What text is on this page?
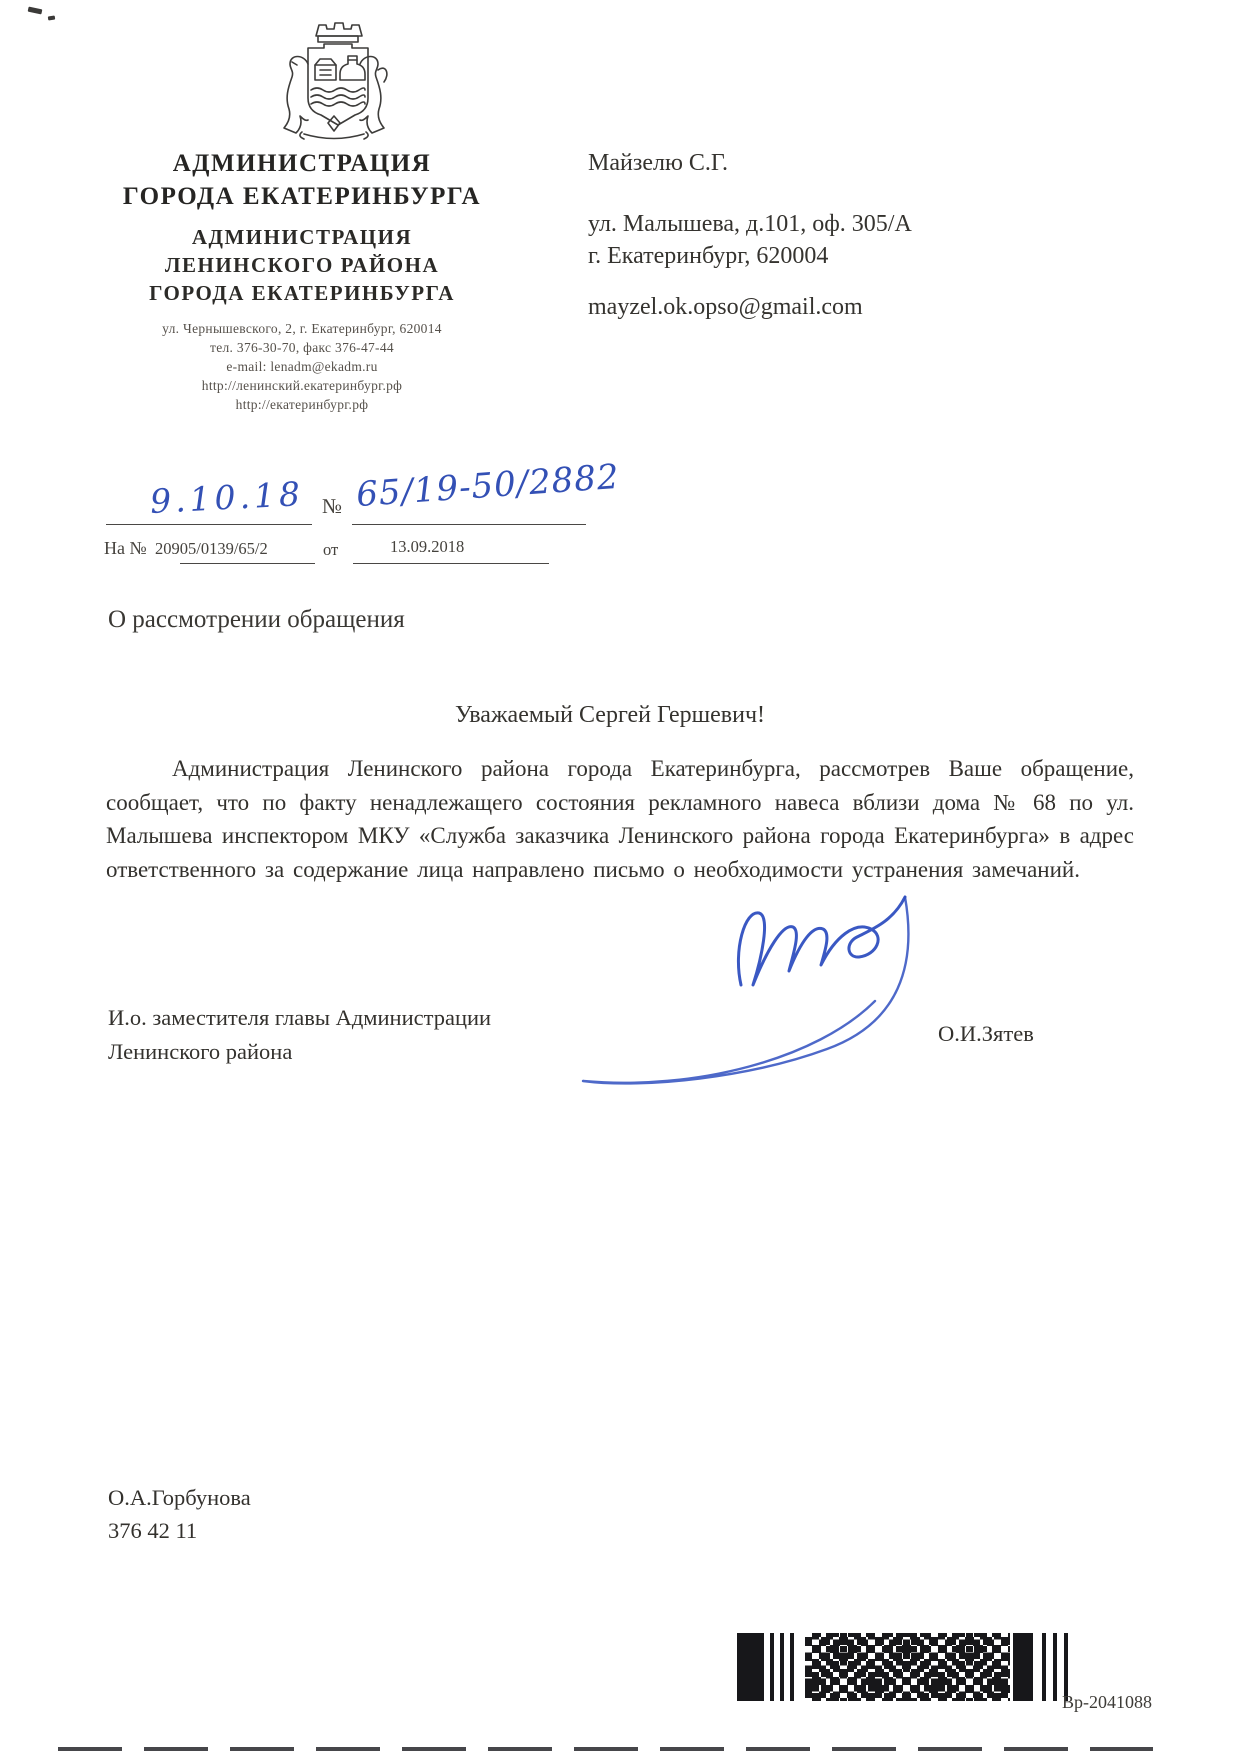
АДМИНИСТРАЦИЯ
ГОРОДА ЕКАТЕРИНБУРГА
АДМИНИСТРАЦИЯ
ЛЕНИНСКОГО РАЙОНА
ГОРОДА ЕКАТЕРИНБУРГА
ул. Чернышевского, 2, г. Екатеринбург, 620014
тел. 376-30-70, факс 376-47-44
e-mail: lenadm@ekadm.ru
http://ленинский.екатеринбург.рф
http://екатеринбург.рф
Майзелю С.Г.
ул. Малышева, д.101, оф. 305/А
г. Екатеринбург, 620004
mayzel.ok.opso@gmail.com
9.10.18 № 65/19-50/2882
На № 20905/0139/65/2	от	13.09.2018
О рассмотрении обращения
Уважаемый Сергей Гершевич!

Администрация Ленинского района города Екатеринбурга, рассмотрев Ваше обращение, сообщает, что по факту ненадлежащего состояния рекламного навеса вблизи дома № 68 по ул. Малышева инспектором МКУ «Служба заказчика Ленинского района города Екатеринбурга» в адрес ответственного за содержание лица направлено письмо о необходимости устранения замечаний.

И.о. заместителя главы Администрации
Ленинского района
О.И.Зятев
О.А.Горбунова
376 42 11
Вр-2041088
